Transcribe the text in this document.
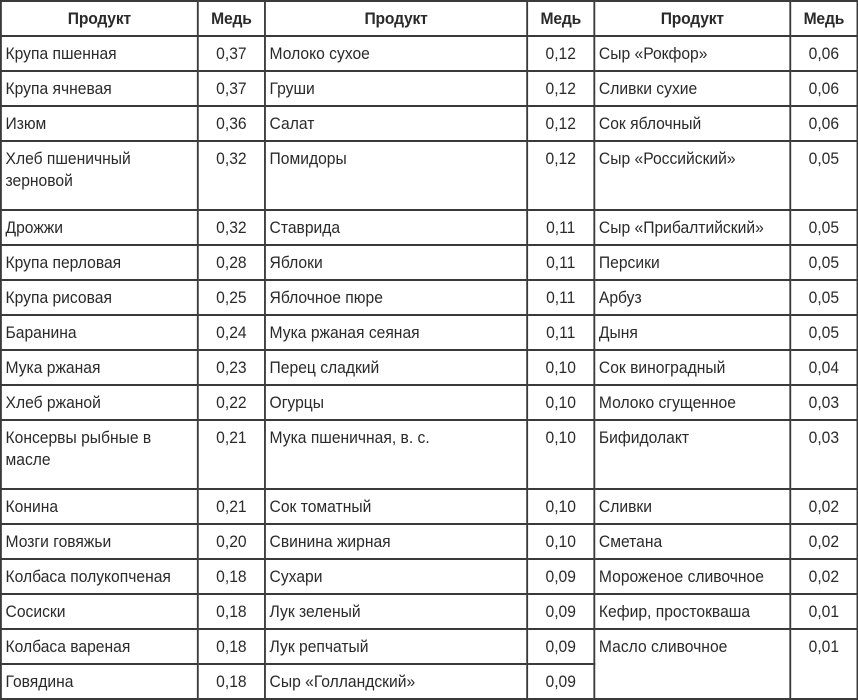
Продукт	Медь	Продукт	Медь	Продукт	Медь
Крупа пшенная	0,37	Молоко сухое	0,12	Сыр «Рокфор»	0,06
Крупа ячневая	0,37	Груши	0,12	Сливки сухие	0,06
Изюм	0,36	Салат	0,12	Сок яблочный	0,06
Хлеб пшеничный зерновой	0,32	Помидоры	0,12	Сыр «Российский»	0,05
Дрожжи	0,32	Ставрида	0,11	Сыр «Прибалтийский»	0,05
Крупа перловая	0,28	Яблоки	0,11	Персики	0,05
Крупа рисовая	0,25	Яблочное пюре	0,11	Арбуз	0,05
Баранина	0,24	Мука ржаная сеяная	0,11	Дыня	0,05
Мука ржаная	0,23	Перец сладкий	0,10	Сок виноградный	0,04
Хлеб ржаной	0,22	Огурцы	0,10	Молоко сгущенное	0,03
Консервы рыбные в масле	0,21	Мука пшеничная, в. с.	0,10	Бифидолакт	0,03
Конина	0,21	Сок томатный	0,10	Сливки	0,02
Мозги говяжьи	0,20	Свинина жирная	0,10	Сметана	0,02
Колбаса полукопченая	0,18	Сухари	0,09	Мороженое сливочное	0,02
Сосиски	0,18	Лук зеленый	0,09	Кефир, простокваша	0,01
Колбаса вареная	0,18	Лук репчатый	0,09	Масло сливочное	0,01
Говядина	0,18	Сыр «Голландский»	0,09		
